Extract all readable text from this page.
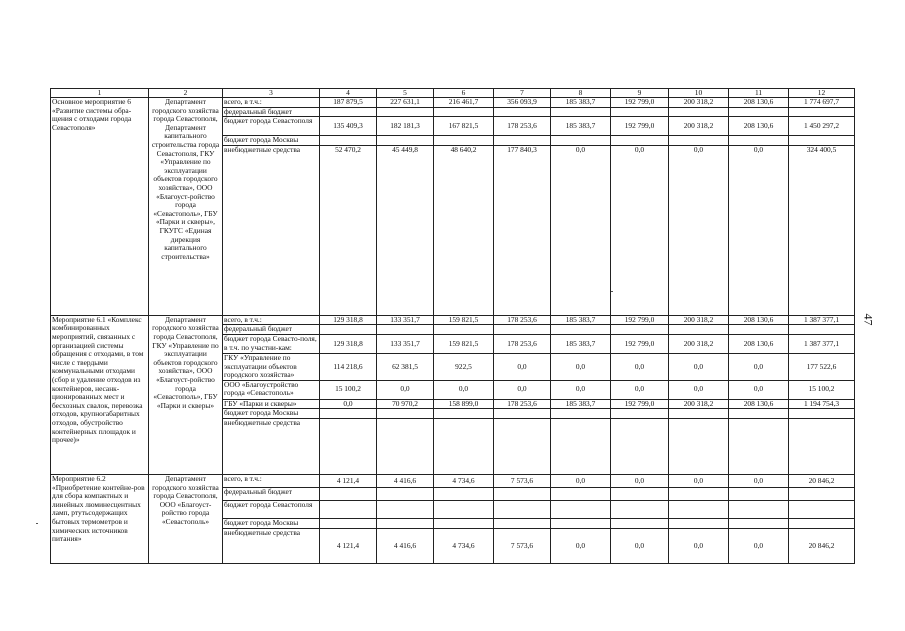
1	2	3	4	5	6	7	8	9	10	11	12
Основное мероприятие 6 «Развитие системы обра-щения с отходами города Севастополя»	Департамент городского хозяйства города Севастополя, Департамент капитального строительства города Севастополя, ГКУ «Управление по эксплуатации объектов городского хозяйства», ООО «Благоуст-ройство города «Севастополь», ГБУ «Парки и скверы», ГКУГС «Единая дирекция капитального строительства»	всего, в т.ч.:	187 879,5	227 631,1	216 461,7	356 093,9	185 383,7	192 799,0	200 318,2	208 130,6	1 774 697,7
		федеральный бюджет									
		бюджет города Севастополя	135 409,3	182 181,3	167 821,5	178 253,6	185 383,7	192 799,0	200 318,2	208 130,6	1 450 297,2
		бюджет города Москвы									
		внебюджетные средства	52 470,2	45 449,8	48 640,2	177 840,3	0,0	0,0	0,0	0,0	324 400,5
Мероприятие 6.1 «Комплекс комбинированных мероприятий, связанных с организацией системы обращения с отходами, в том числе с твердыми коммунальными отходами (сбор и удаление отходов из контейнеров, несанк-ционированных мест и бесхозных свалок, перевозка отходов, крупногабаритных отходов, обустройство контейнерных площадок и прочее)»	Департамент городского хозяйства города Севастополя, ГКУ «Управление по эксплуатации объектов городского хозяйства», ООО «Благоуст-ройство города «Севастополь», ГБУ «Парки и скверы»	всего, в т.ч.:	129 318,8	133 351,7	159 821,5	178 253,6	185 383,7	192 799,0	200 318,2	208 130,6	1 387 377,1
		федеральный бюджет									
		бюджет города Севасто-поля, в т.ч. по участни-кам:	129 318,8	133 351,7	159 821,5	178 253,6	185 383,7	192 799,0	200 318,2	208 130,6	1 387 377,1
		ГКУ «Управление по эксплуатации объектов городского хозяйства»	114 218,6	62 381,5	922,5	0,0	0,0	0,0	0,0	0,0	177 522,6
		ООО «Благоустройство города «Севастополь»	15 100,2	0,0	0,0	0,0	0,0	0,0	0,0	0,0	15 100,2
		ГБУ «Парки и скверы»	0,0	70 970,2	158 899,0	178 253,6	185 383,7	192 799,0	200 318,2	208 130,6	1 194 754,3
		бюджет города Москвы									
		внебюджетные средства									
Мероприятие 6.2 «Приобретение контейне-ров для сбора компактных и линейных люминесцентных ламп, ртутьсодержащих бытовых термометров и химических источников питания»	Департамент городского хозяйства города Севастополя, ООО «Благоуст-ройство города «Севастополь»	всего, в т.ч.:	4 121,4	4 416,6	4 734,6	7 573,6	0,0	0,0	0,0	0,0	20 846,2
		федеральный бюджет									
		бюджет города Севастополя									
		бюджет города Москвы									
		внебюджетные средства	4 121,4	4 416,6	4 734,6	7 573,6	0,0	0,0	0,0	0,0	20 846,2
47
